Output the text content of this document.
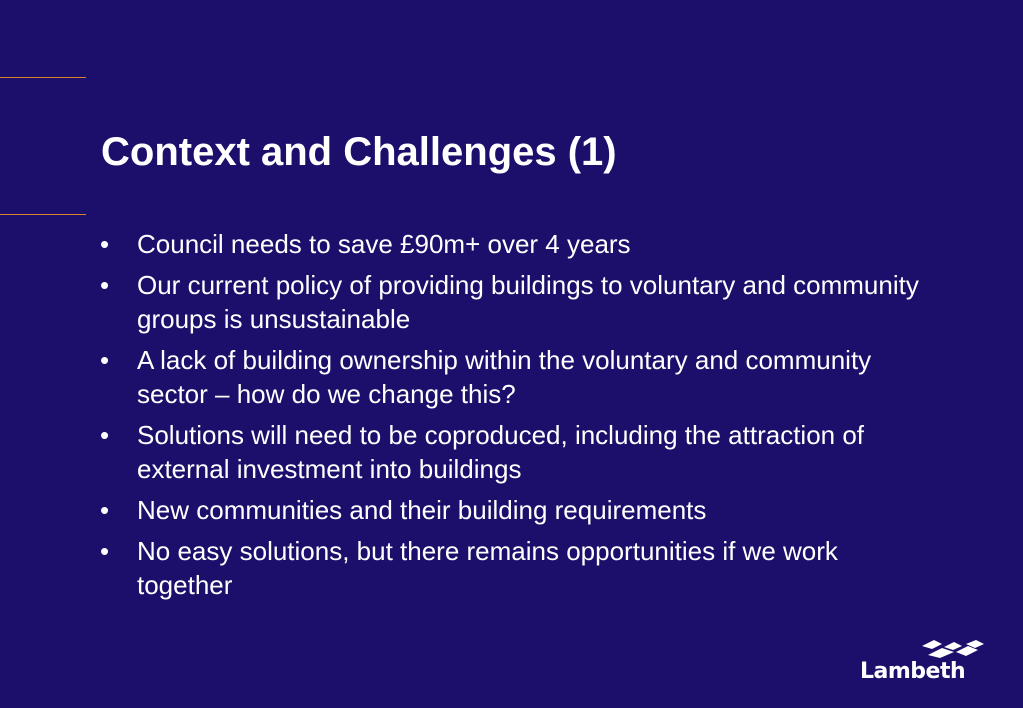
Context and Challenges (1)
•	Council needs to save £90m+ over 4 years
•	Our current policy of providing buildings to voluntary and community groups is unsustainable
•	A lack of building ownership within the voluntary and community sector – how do we change this?
•	Solutions will need to be coproduced, including the attraction of external investment into buildings
•	New communities and their building requirements
•	No easy solutions, but there remains opportunities if we work together
Lambeth
